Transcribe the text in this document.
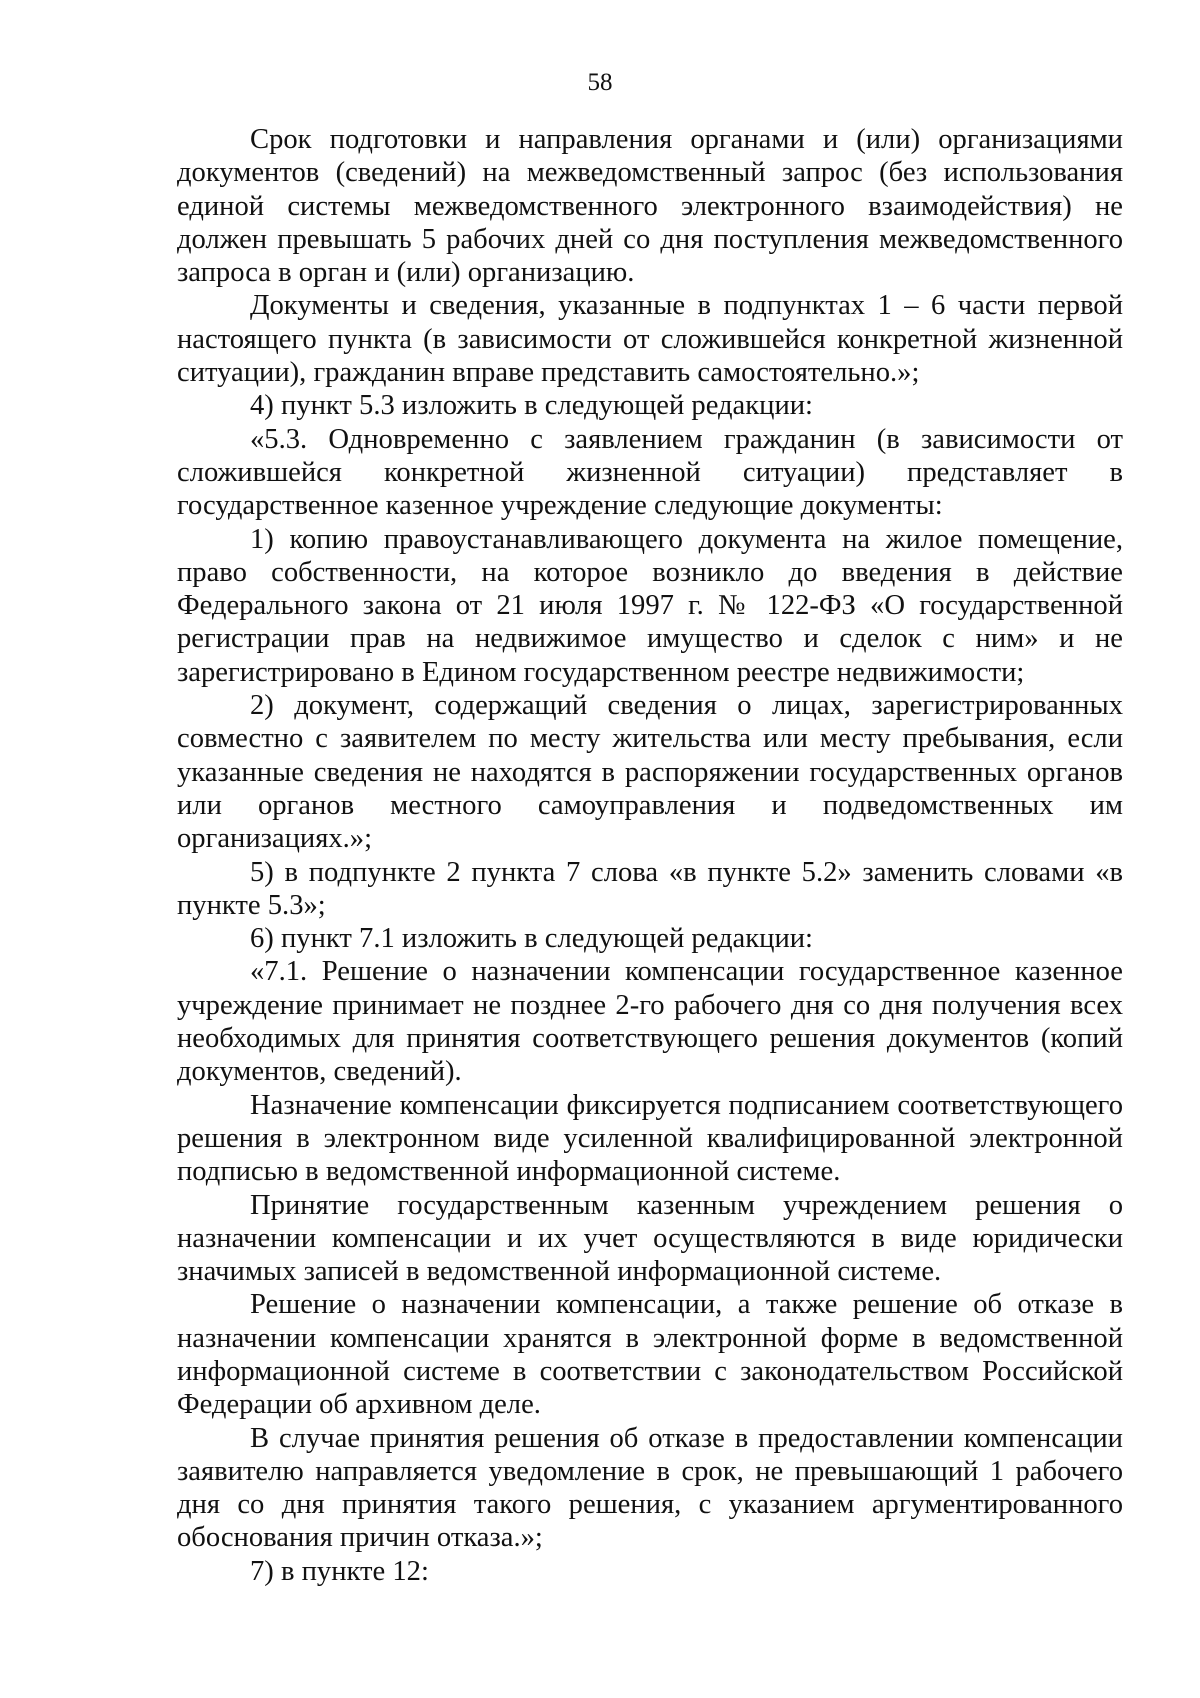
58

Срок подготовки и направления органами и (или) организациями документов (сведений) на межведомственный запрос (без использования единой системы межведомственного электронного взаимодействия) не должен превышать 5 рабочих дней со дня поступления межведомственного запроса в орган и (или) организацию.

Документы и сведения, указанные в подпунктах 1 – 6 части первой настоящего пункта (в зависимости от сложившейся конкретной жизненной ситуации), гражданин вправе представить самостоятельно.»;

4) пункт 5.3 изложить в следующей редакции:

«5.3. Одновременно с заявлением гражданин (в зависимости от сложившейся конкретной жизненной ситуации) представляет в государственное казенное учреждение следующие документы:

1) копию правоустанавливающего документа на жилое помещение, право собственности, на которое возникло до введения в действие Федерального закона от 21 июля 1997 г. № 122-ФЗ «О государственной регистрации прав на недвижимое имущество и сделок с ним» и не зарегистрировано в Едином государственном реестре недвижимости;

2) документ, содержащий сведения о лицах, зарегистрированных совместно с заявителем по месту жительства или месту пребывания, если указанные сведения не находятся в распоряжении государственных органов или органов местного самоуправления и подведомственных им организациях.»;

5) в подпункте 2 пункта 7 слова «в пункте 5.2» заменить словами «в пункте 5.3»;

6) пункт 7.1 изложить в следующей редакции:

«7.1. Решение о назначении компенсации государственное казенное учреждение принимает не позднее 2-го рабочего дня со дня получения всех необходимых для принятия соответствующего решения документов (копий документов, сведений).

Назначение компенсации фиксируется подписанием соответствующего решения в электронном виде усиленной квалифицированной электронной подписью в ведомственной информационной системе.

Принятие государственным казенным учреждением решения о назначении компенсации и их учет осуществляются в виде юридически значимых записей в ведомственной информационной системе.

Решение о назначении компенсации, а также решение об отказе в назначении компенсации хранятся в электронной форме в ведомственной информационной системе в соответствии с законодательством Российской Федерации об архивном деле.

В случае принятия решения об отказе в предоставлении компенсации заявителю направляется уведомление в срок, не превышающий 1 рабочего дня со дня принятия такого решения, с указанием аргументированного обоснования причин отказа.»;

7) в пункте 12:
